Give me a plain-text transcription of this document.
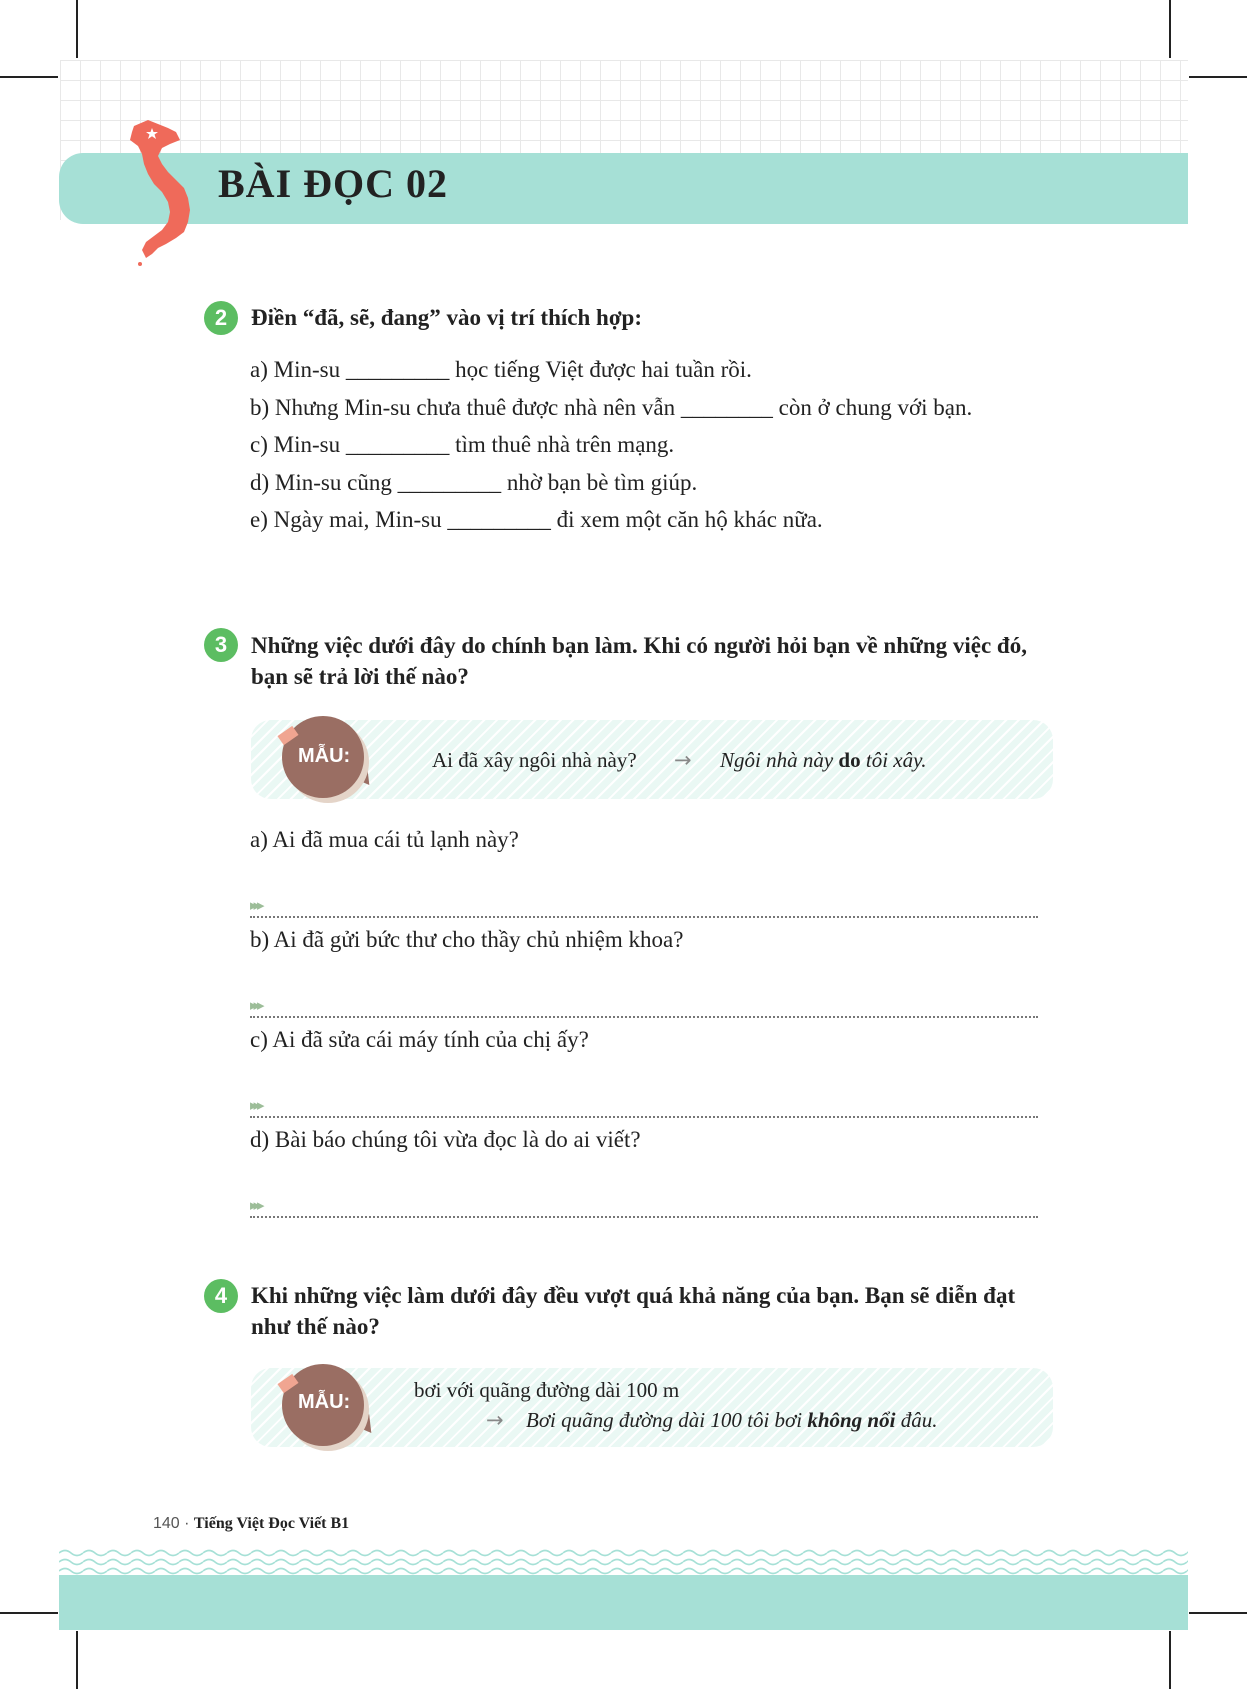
BÀI ĐỌC 02
2	Điền “đã, sẽ, đang” vào vị trí thích hợp:
a) Min-su _________ học tiếng Việt được hai tuần rồi.
b) Nhưng Min-su chưa thuê được nhà nên vẫn ________ còn ở chung với bạn.
c) Min-su _________ tìm thuê nhà trên mạng.
d) Min-su cũng _________ nhờ bạn bè tìm giúp.
e) Ngày mai, Min-su _________ đi xem một căn hộ khác nữa.
3	Những việc dưới đây do chính bạn làm. Khi có người hỏi bạn về những việc đó, bạn sẽ trả lời thế nào?
MẪU:	Ai đã xây ngôi nhà này? → Ngôi nhà này do tôi xây.
a) Ai đã mua cái tủ lạnh này?
▸▸▸
b) Ai đã gửi bức thư cho thầy chủ nhiệm khoa?
▸▸▸
c) Ai đã sửa cái máy tính của chị ấy?
▸▸▸
d) Bài báo chúng tôi vừa đọc là do ai viết?
▸▸▸
4	Khi những việc làm dưới đây đều vượt quá khả năng của bạn. Bạn sẽ diễn đạt như thế nào?
MẪU:	bơi với quãng đường dài 100 m
→ Bơi quãng đường dài 100 tôi bơi không nổi đâu.
140 · Tiếng Việt Đọc Viết B1
